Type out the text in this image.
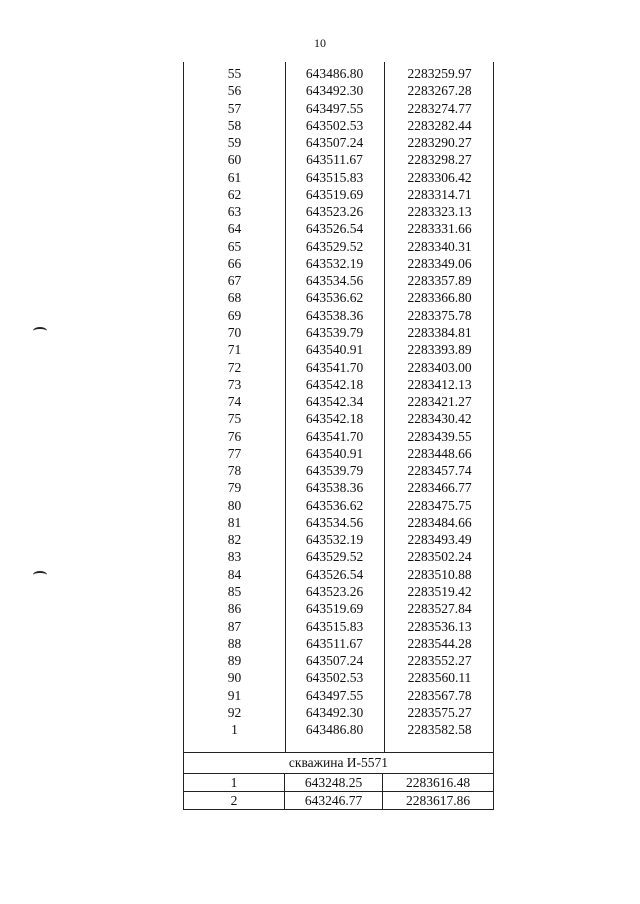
10
55	643486.80	2283259.97
56	643492.30	2283267.28
57	643497.55	2283274.77
58	643502.53	2283282.44
59	643507.24	2283290.27
60	643511.67	2283298.27
61	643515.83	2283306.42
62	643519.69	2283314.71
63	643523.26	2283323.13
64	643526.54	2283331.66
65	643529.52	2283340.31
66	643532.19	2283349.06
67	643534.56	2283357.89
68	643536.62	2283366.80
69	643538.36	2283375.78
70	643539.79	2283384.81
71	643540.91	2283393.89
72	643541.70	2283403.00
73	643542.18	2283412.13
74	643542.34	2283421.27
75	643542.18	2283430.42
76	643541.70	2283439.55
77	643540.91	2283448.66
78	643539.79	2283457.74
79	643538.36	2283466.77
80	643536.62	2283475.75
81	643534.56	2283484.66
82	643532.19	2283493.49
83	643529.52	2283502.24
84	643526.54	2283510.88
85	643523.26	2283519.42
86	643519.69	2283527.84
87	643515.83	2283536.13
88	643511.67	2283544.28
89	643507.24	2283552.27
90	643502.53	2283560.11
91	643497.55	2283567.78
92	643492.30	2283575.27
1	643486.80	2283582.58
скважина И-5571
1	643248.25	2283616.48
2	643246.77	2283617.86
